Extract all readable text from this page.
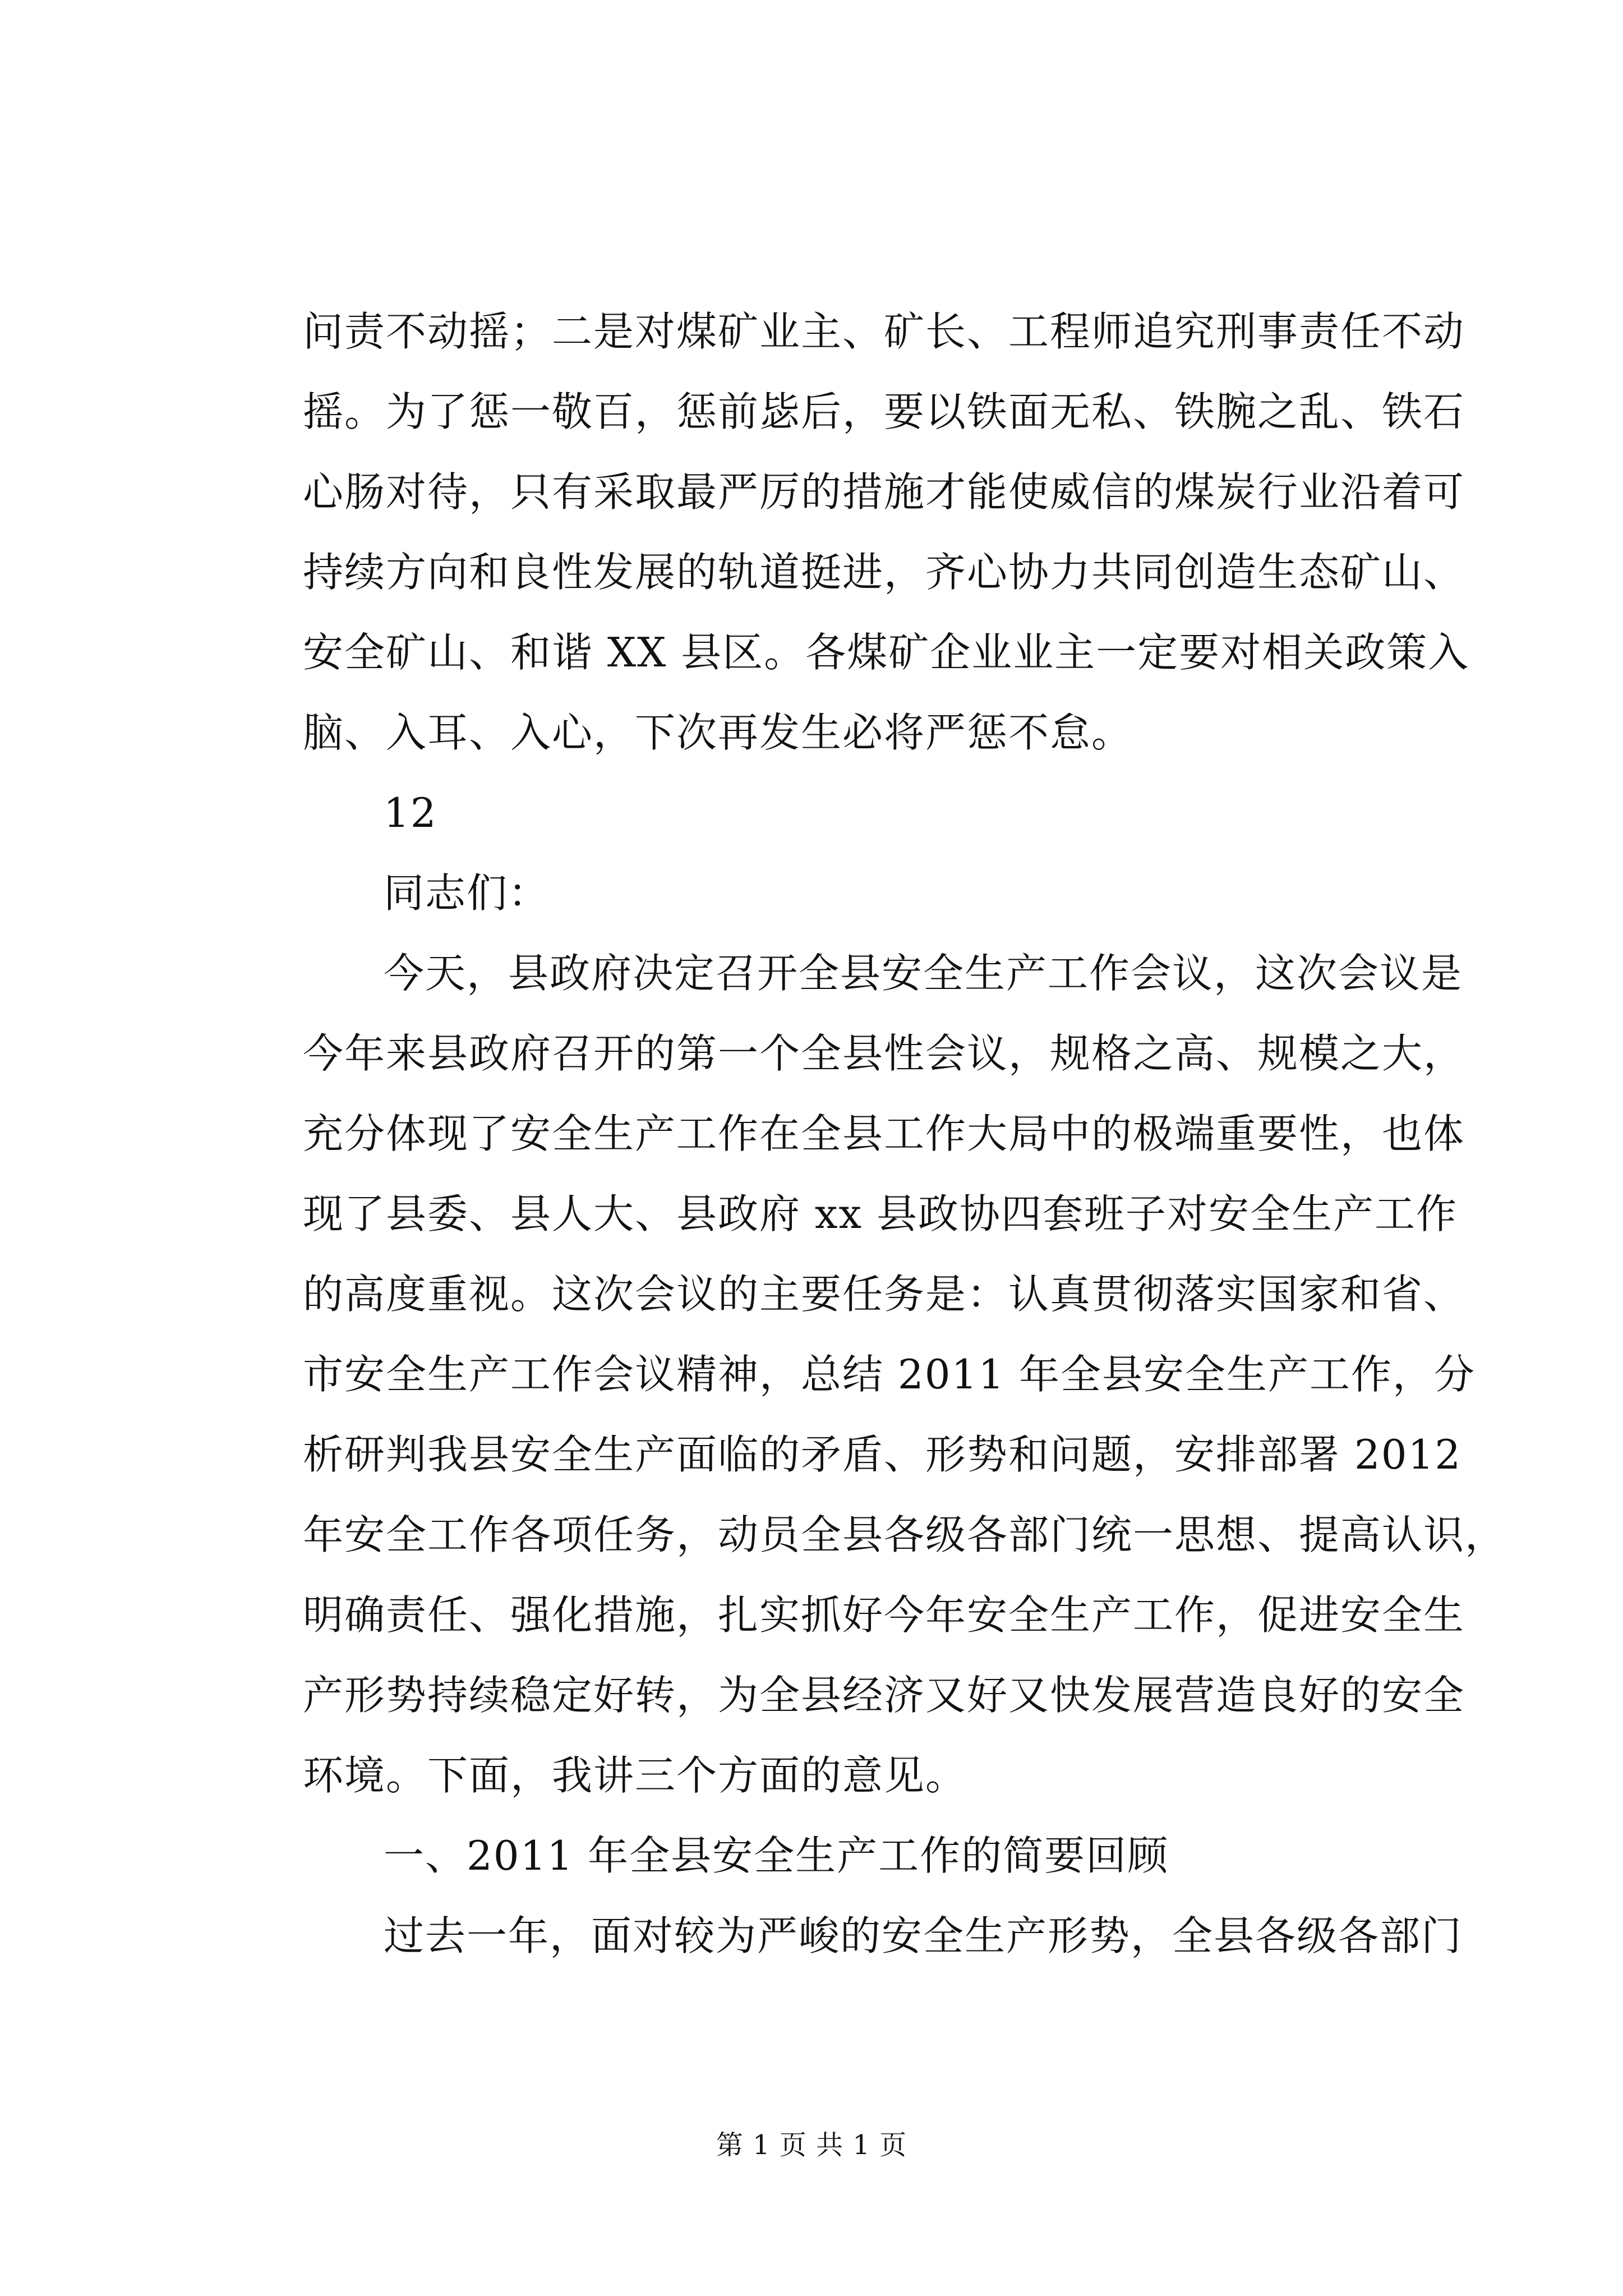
问责不动摇；二是对煤矿业主、矿长、工程师追究刑事责任不动
摇。为了惩一敬百，惩前毖后，要以铁面无私、铁腕之乱、铁石
心肠对待，只有采取最严厉的措施才能使威信的煤炭行业沿着可
持续方向和良性发展的轨道挺进，齐心协力共同创造生态矿山、
安全矿山、和谐 XX 县区。各煤矿企业业主一定要对相关政策入
脑、入耳、入心，下次再发生必将严惩不怠。
12
同志们：
今天，县政府决定召开全县安全生产工作会议，这次会议是
今年来县政府召开的第一个全县性会议，规格之高、规模之大，
充分体现了安全生产工作在全县工作大局中的极端重要性，也体
现了县委、县人大、县政府 xx 县政协四套班子对安全生产工作
的高度重视。这次会议的主要任务是：认真贯彻落实国家和省、
市安全生产工作会议精神，总结 2011 年全县安全生产工作，分
析研判我县安全生产面临的矛盾、形势和问题，安排部署 2012
年安全工作各项任务，动员全县各级各部门统一思想、提高认识，
明确责任、强化措施，扎实抓好今年安全生产工作，促进安全生
产形势持续稳定好转，为全县经济又好又快发展营造良好的安全
环境。下面，我讲三个方面的意见。
一、2011 年全县安全生产工作的简要回顾
过去一年，面对较为严峻的安全生产形势，全县各级各部门
第 1 页 共 1 页
